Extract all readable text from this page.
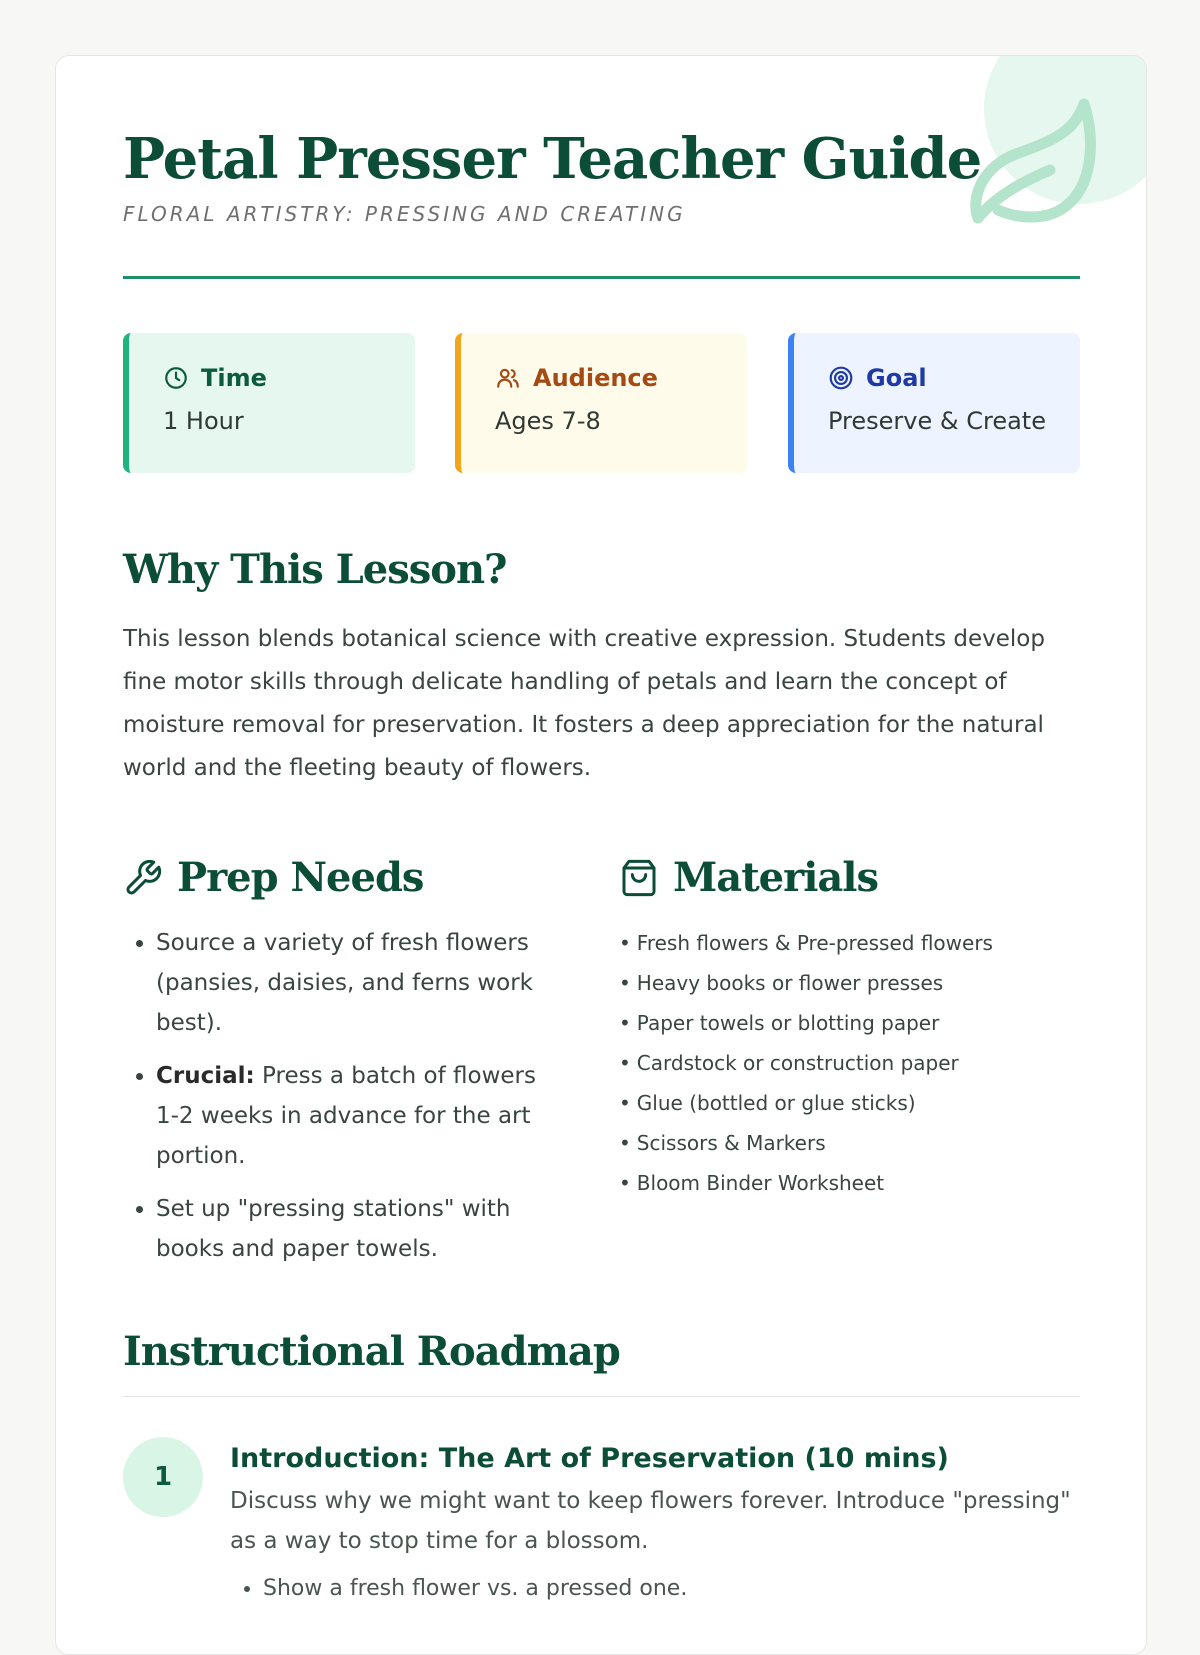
Petal Presser Teacher Guide
FLORAL ARTISTRY: PRESSING AND CREATING
Time
1 Hour
Audience
Ages 7-8
Goal
Preserve & Create
Why This Lesson?
This lesson blends botanical science with creative expression. Students develop fine motor skills through delicate handling of petals and learn the concept of moisture removal for preservation. It fosters a deep appreciation for the natural world and the fleeting beauty of flowers.
Prep Needs
• Source a variety of fresh flowers (pansies, daisies, and ferns work best).
• Crucial: Press a batch of flowers 1-2 weeks in advance for the art portion.
• Set up "pressing stations" with books and paper towels.
Materials
• Fresh flowers & Pre-pressed flowers
• Heavy books or flower presses
• Paper towels or blotting paper
• Cardstock or construction paper
• Glue (bottled or glue sticks)
• Scissors & Markers
• Bloom Binder Worksheet
Instructional Roadmap
1
Introduction: The Art of Preservation (10 mins)
Discuss why we might want to keep flowers forever. Introduce "pressing" as a way to stop time for a blossom.
• Show a fresh flower vs. a pressed one.
